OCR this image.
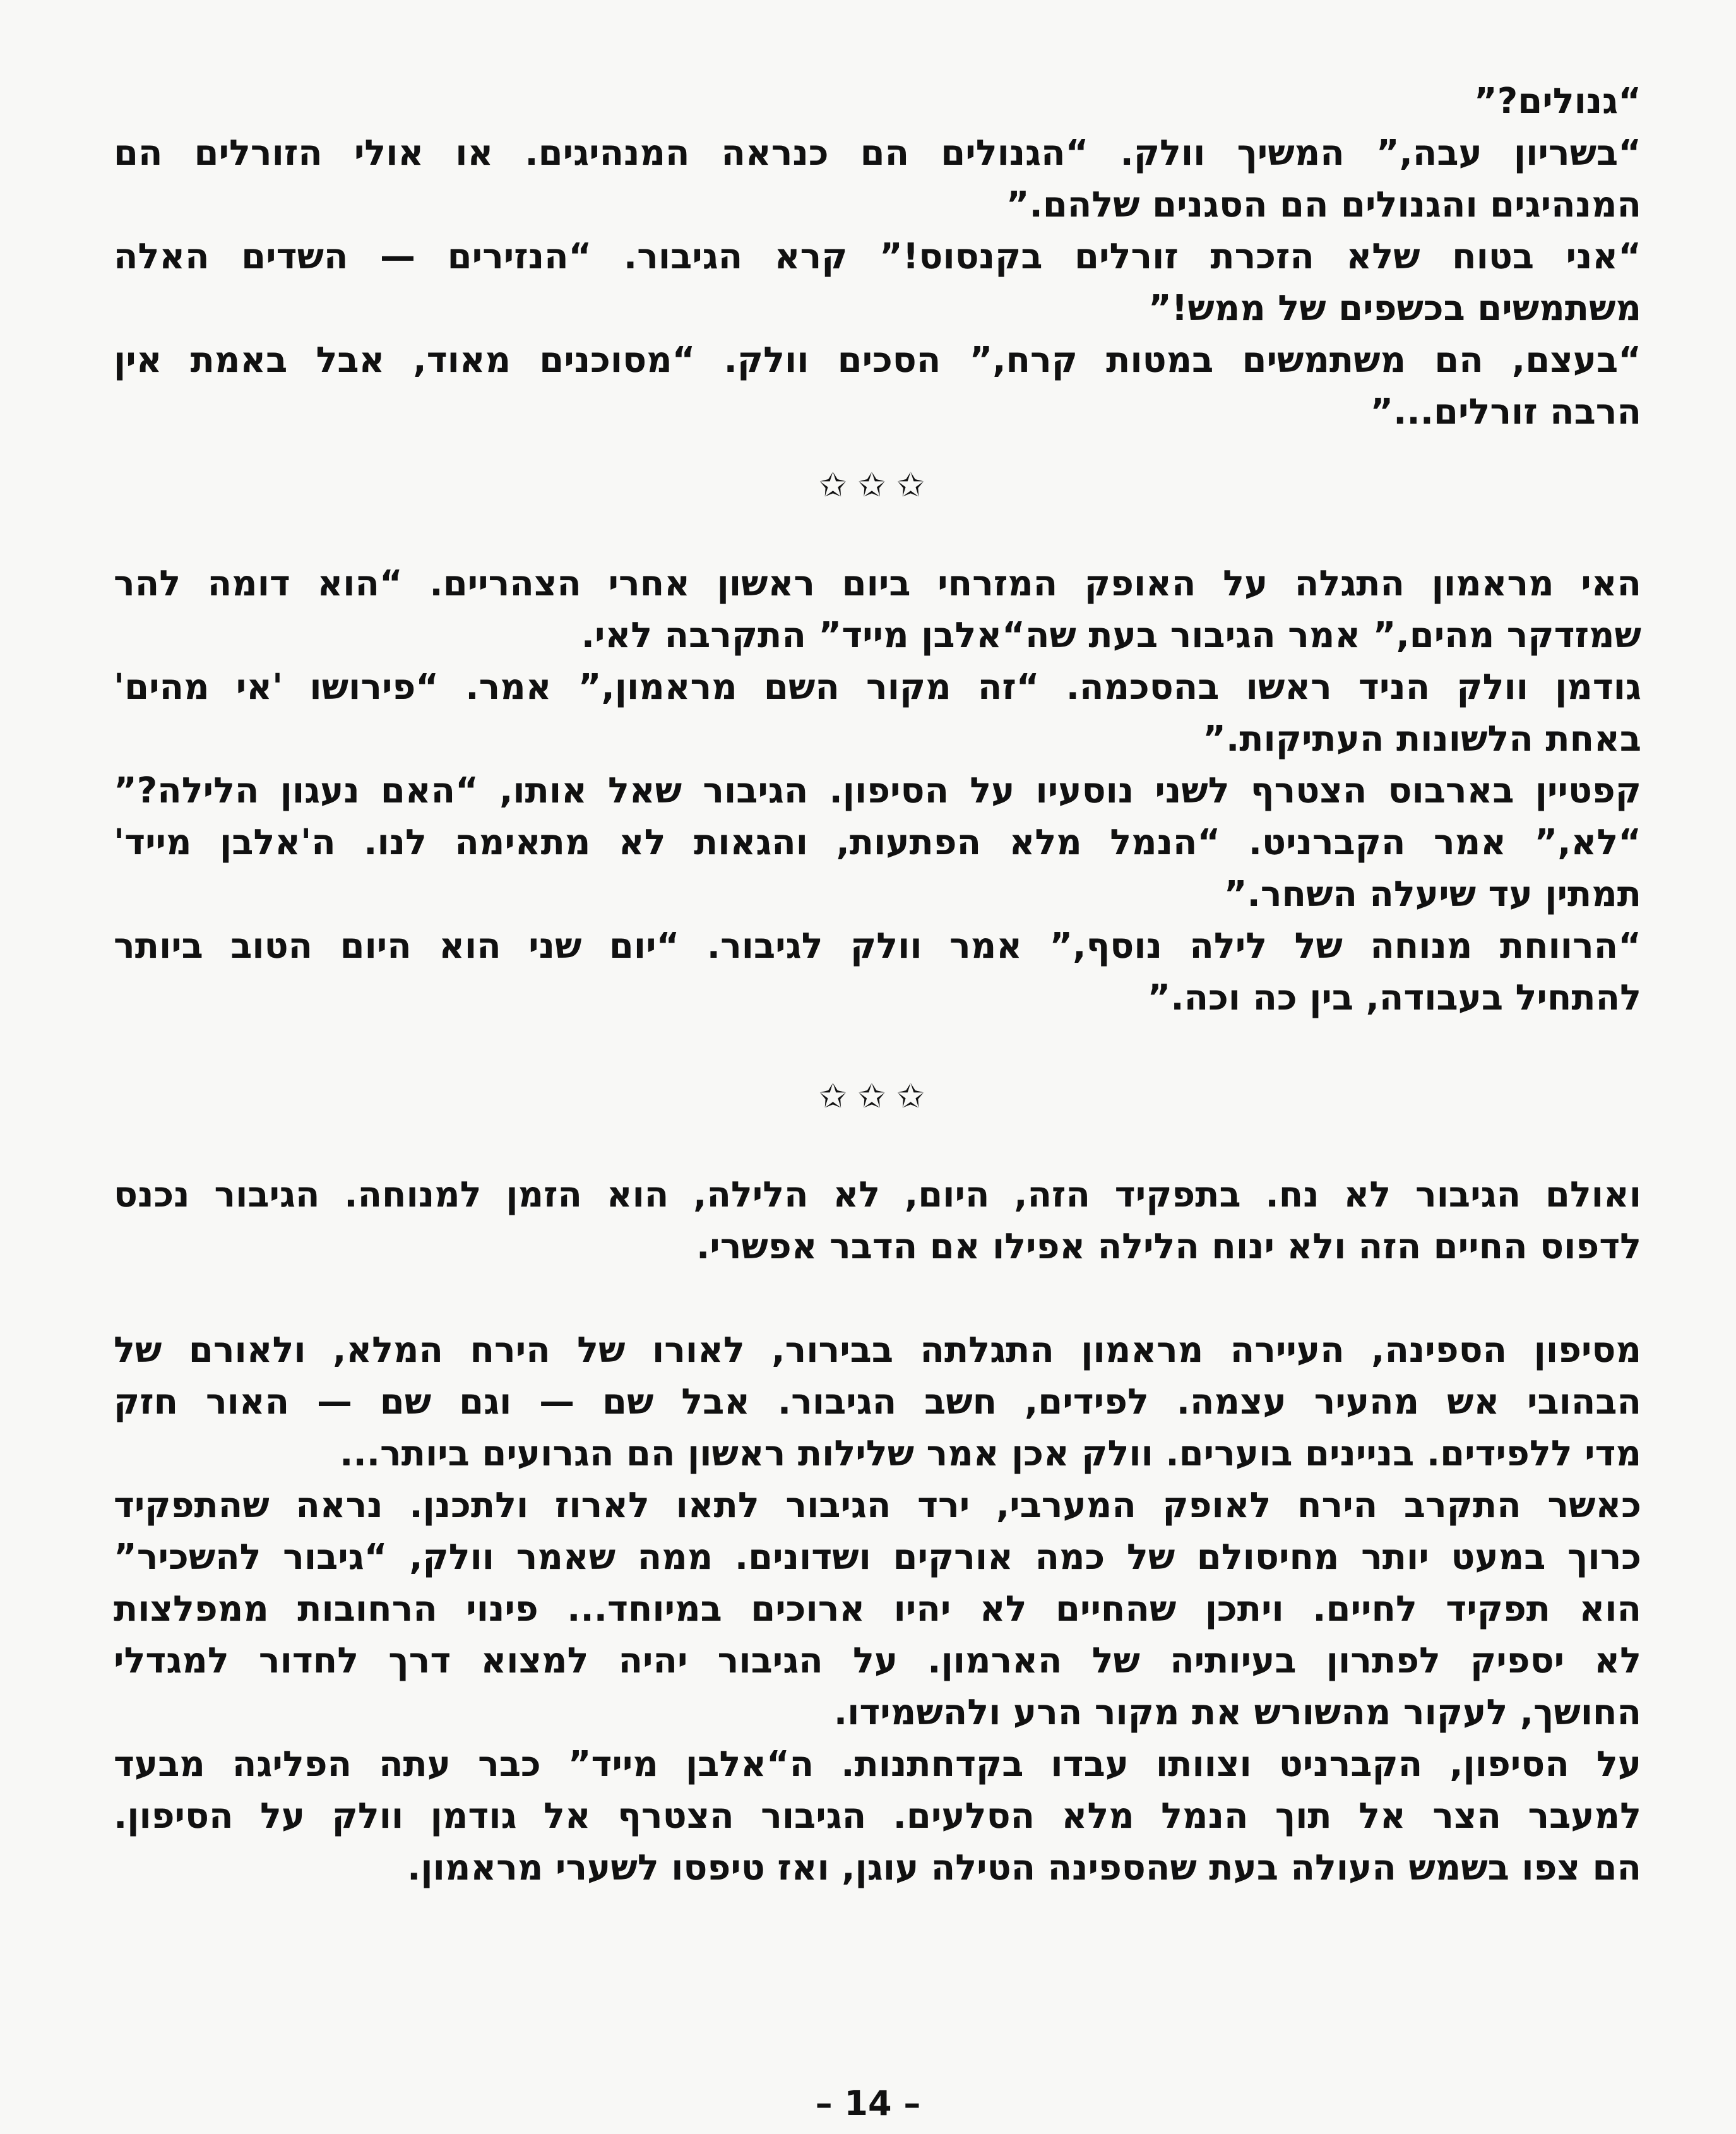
“גנולים?”
“בשריון עבה,” המשיך וולק. “הגנולים הם כנראה המנהיגים. או אולי הזורלים הם
המנהיגים והגנולים הם הסגנים שלהם.”
“אני בטוח שלא הזכרת זורלים בקנסוס!” קרא הגיבור. “הנזירים — השדים האלה
משתמשים בכשפים של ממש!”
“בעצם, הם משתמשים במטות קרח,” הסכים וולק. “מסוכנים מאוד, אבל באמת אין
הרבה זורלים...”
✩✩✩
האי מראמון התגלה על האופק המזרחי ביום ראשון אחרי הצהריים. “הוא דומה להר
שמזדקר מהים,” אמר הגיבור בעת שה“אלבן מייד” התקרבה לאי.
גודמן וולק הניד ראשו בהסכמה. “זה מקור השם מראמון,” אמר. “פירושו 'אי מהים'
באחת הלשונות העתיקות.”
קפטיין בארבוס הצטרף לשני נוסעיו על הסיפון. הגיבור שאל אותו, “האם נעגון הלילה?”
“לא,” אמר הקברניט. “הנמל מלא הפתעות, והגאות לא מתאימה לנו. ה'אלבן מייד'
תמתין עד שיעלה השחר.”
“הרווחת מנוחה של לילה נוסף,” אמר וולק לגיבור. “יום שני הוא היום הטוב ביותר
להתחיל בעבודה, בין כה וכה.”
✩✩✩
ואולם הגיבור לא נח. בתפקיד הזה, היום, לא הלילה, הוא הזמן למנוחה. הגיבור נכנס
לדפוס החיים הזה ולא ינוח הלילה אפילו אם הדבר אפשרי.
מסיפון הספינה, העיירה מראמון התגלתה בבירור, לאורו של הירח המלא, ולאורם של
הבהובי אש מהעיר עצמה. לפידים, חשב הגיבור. אבל שם — וגם שם — האור חזק
מדי ללפידים. בניינים בוערים. וולק אכן אמר שלילות ראשון הם הגרועים ביותר...
כאשר התקרב הירח לאופק המערבי, ירד הגיבור לתאו לארוז ולתכנן. נראה שהתפקיד
כרוך במעט יותר מחיסולם של כמה אורקים ושדונים. ממה שאמר וולק, “גיבור להשכיר”
הוא תפקיד לחיים. ויתכן שהחיים לא יהיו ארוכים במיוחד... פינוי הרחובות ממפלצות
לא יספיק לפתרון בעיותיה של הארמון. על הגיבור יהיה למצוא דרך לחדור למגדלי
החושך, לעקור מהשורש את מקור הרע ולהשמידו.
על הסיפון, הקברניט וצוותו עבדו בקדחתנות. ה“אלבן מייד” כבר עתה הפליגה מבעד
למעבר הצר אל תוך הנמל מלא הסלעים. הגיבור הצטרף אל גודמן וולק על הסיפון.
הם צפו בשמש העולה בעת שהספינה הטילה עוגן, ואז טיפסו לשערי מראמון.
– 14 –
